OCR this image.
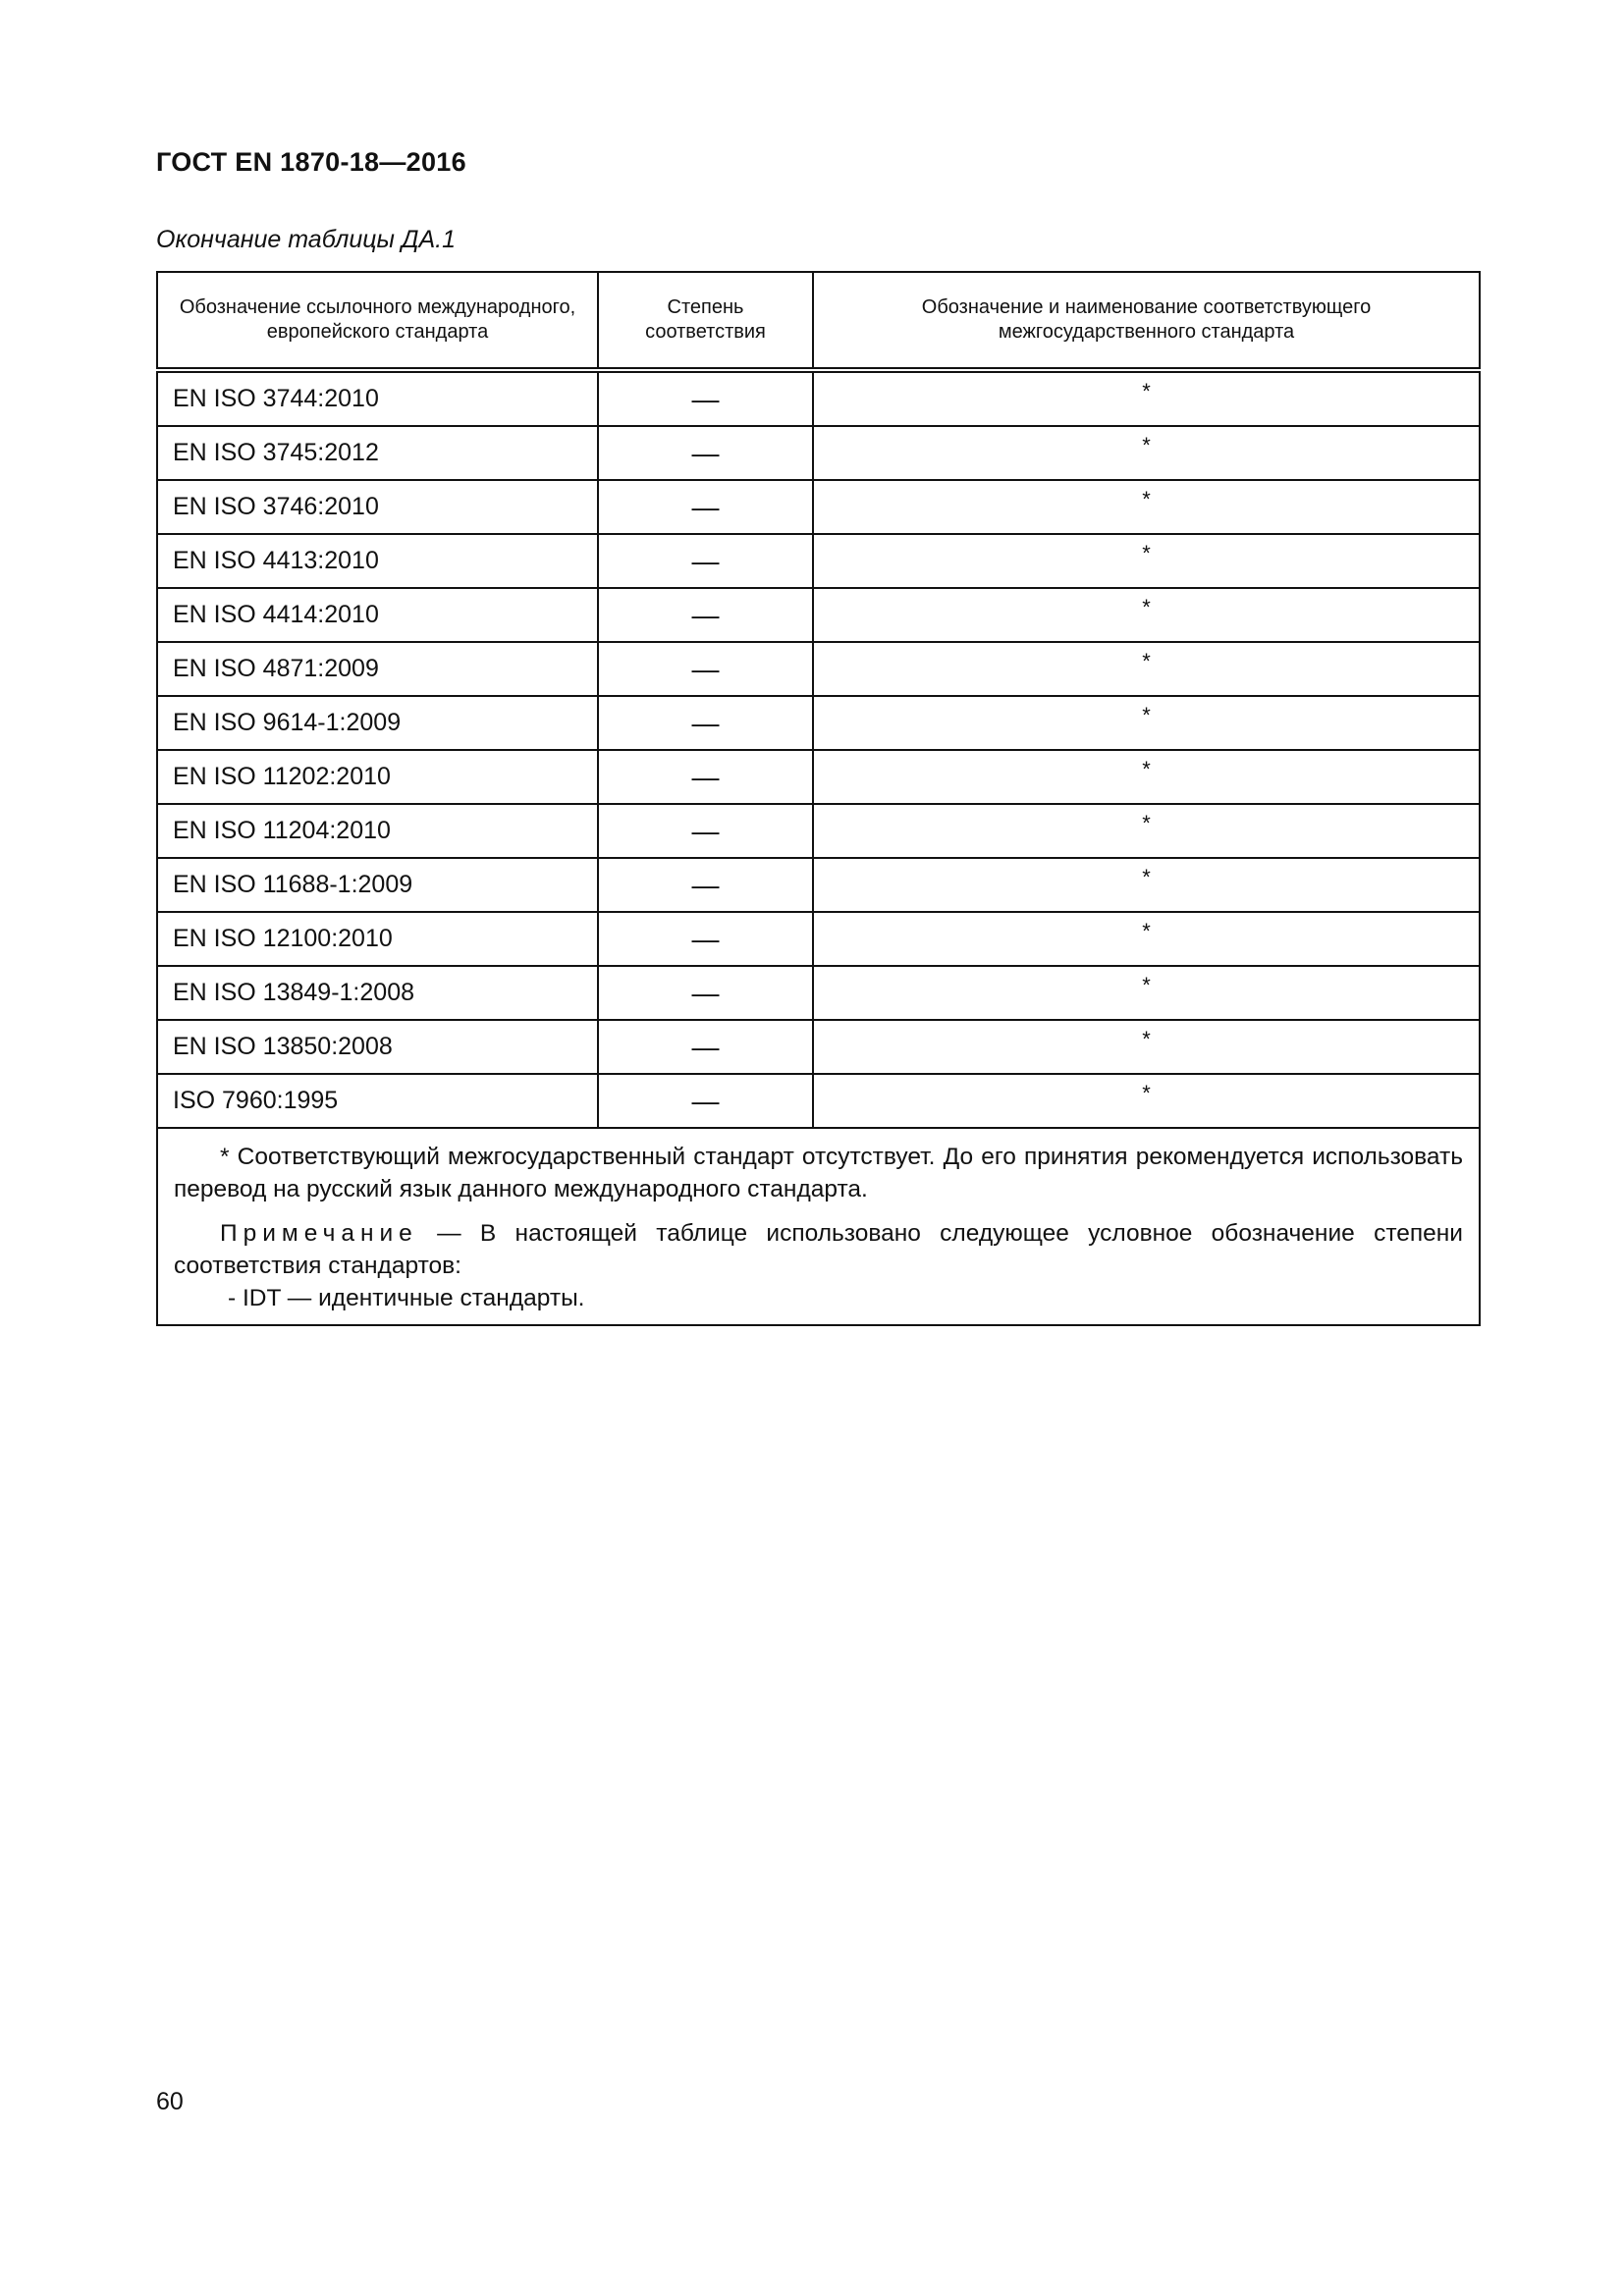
ГОСТ EN 1870-18—2016
Окончание таблицы ДА.1
Обозначение ссылочного международного, европейского стандарта	Степень соответствия	Обозначение и наименование соответствующего межгосударственного стандарта
EN ISO 3744:2010	—	*
EN ISO 3745:2012	—	*
EN ISO 3746:2010	—	*
EN ISO 4413:2010	—	*
EN ISO 4414:2010	—	*
EN ISO 4871:2009	—	*
EN ISO 9614-1:2009	—	*
EN ISO 11202:2010	—	*
EN ISO 11204:2010	—	*
EN ISO 11688-1:2009	—	*
EN ISO 12100:2010	—	*
EN ISO 13849-1:2008	—	*
EN ISO 13850:2008	—	*
ISO 7960:1995	—	*

* Соответствующий межгосударственный стандарт отсутствует. До его принятия рекомендуется использовать перевод на русский язык данного международного стандарта.

Примечание — В настоящей таблице использовано следующее условное обозначение степени соответствия стандартов:

- IDT — идентичные стандарты.		

60
